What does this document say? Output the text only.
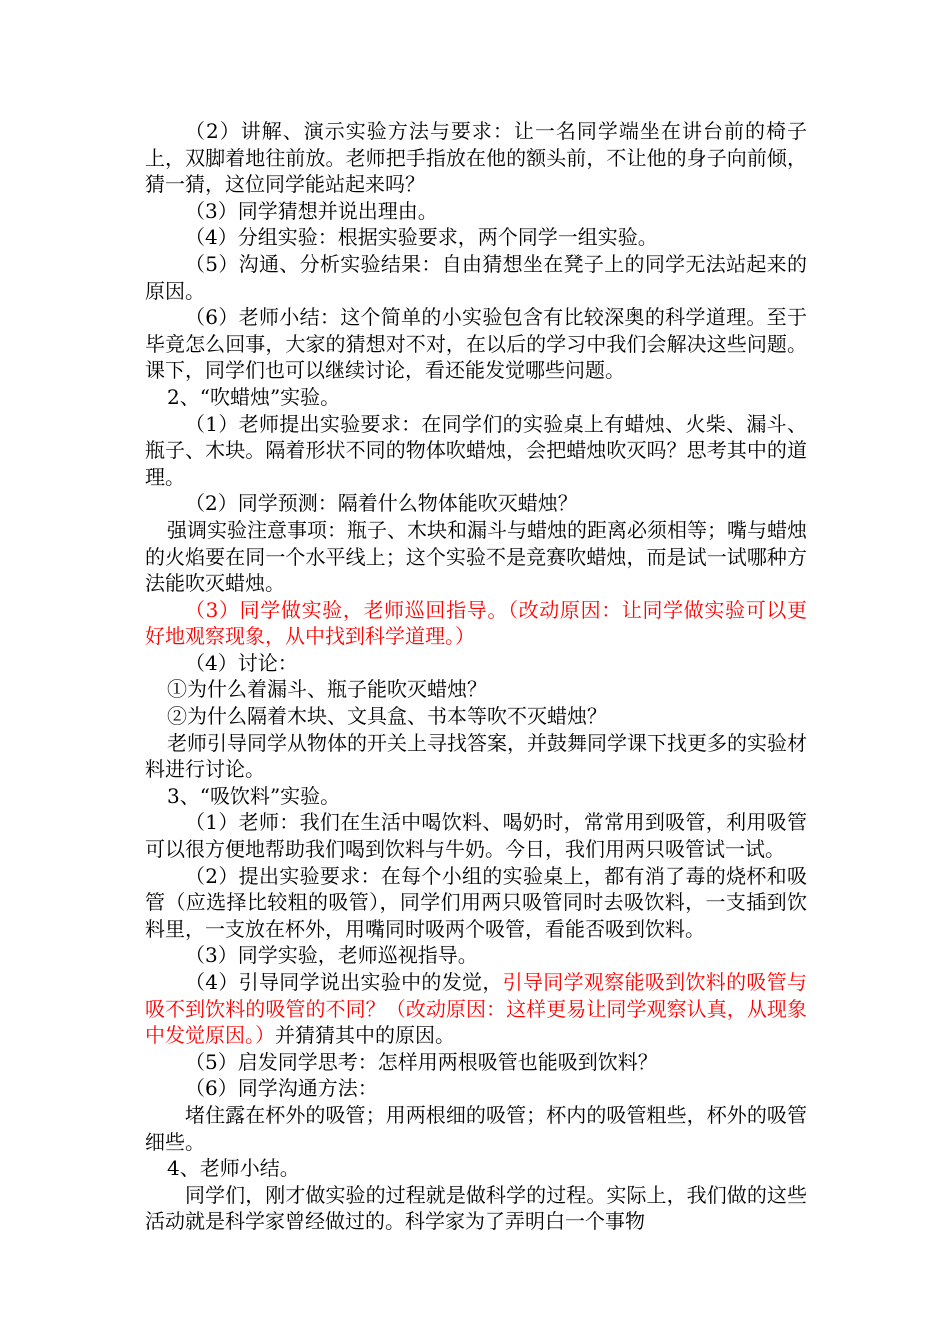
（2）讲解、演示实验方法与要求：让一名同学端坐在讲台前的椅子上，双脚着地往前放。老师把手指放在他的额头前，不让他的身子向前倾，猜一猜，这位同学能站起来吗？

（3）同学猜想并说出理由。

（4）分组实验：根据实验要求，两个同学一组实验。

（5）沟通、分析实验结果：自由猜想坐在凳子上的同学无法站起来的原因。

（6）老师小结：这个简单的小实验包含有比较深奥的科学道理。至于毕竟怎么回事，大家的猜想对不对，在以后的学习中我们会解决这些问题。课下，同学们也可以继续讨论，看还能发觉哪些问题。

2、“吹蜡烛”实验。

（1）老师提出实验要求：在同学们的实验桌上有蜡烛、火柴、漏斗、瓶子、木块。隔着形状不同的物体吹蜡烛，会把蜡烛吹灭吗？思考其中的道理。

（2）同学预测：隔着什么物体能吹灭蜡烛？

强调实验注意事项：瓶子、木块和漏斗与蜡烛的距离必须相等；嘴与蜡烛的火焰要在同一个水平线上；这个实验不是竞赛吹蜡烛，而是试一试哪种方法能吹灭蜡烛。

（3）同学做实验，老师巡回指导。（改动原因：让同学做实验可以更好地观察现象，从中找到科学道理。）

（4）讨论：

①为什么着漏斗、瓶子能吹灭蜡烛？

②为什么隔着木块、文具盒、书本等吹不灭蜡烛？

老师引导同学从物体的开关上寻找答案，并鼓舞同学课下找更多的实验材料进行讨论。

3、“吸饮料”实验。

（1）老师：我们在生活中喝饮料、喝奶时，常常用到吸管，利用吸管可以很方便地帮助我们喝到饮料与牛奶。今日，我们用两只吸管试一试。

（2）提出实验要求：在每个小组的实验桌上，都有消了毒的烧杯和吸管（应选择比较粗的吸管），同学们用两只吸管同时去吸饮料，一支插到饮料里，一支放在杯外，用嘴同时吸两个吸管，看能否吸到饮料。

（3）同学实验，老师巡视指导。

（4）引导同学说出实验中的发觉，引导同学观察能吸到饮料的吸管与吸不到饮料的吸管的不同？（改动原因：这样更易让同学观察认真，从现象中发觉原因。）并猜猜其中的原因。

（5）启发同学思考：怎样用两根吸管也能吸到饮料？

（6）同学沟通方法：

堵住露在杯外的吸管；用两根细的吸管；杯内的吸管粗些，杯外的吸管细些。

4、老师小结。

同学们，刚才做实验的过程就是做科学的过程。实际上，我们做的这些活动就是科学家曾经做过的。科学家为了弄明白一个事物
